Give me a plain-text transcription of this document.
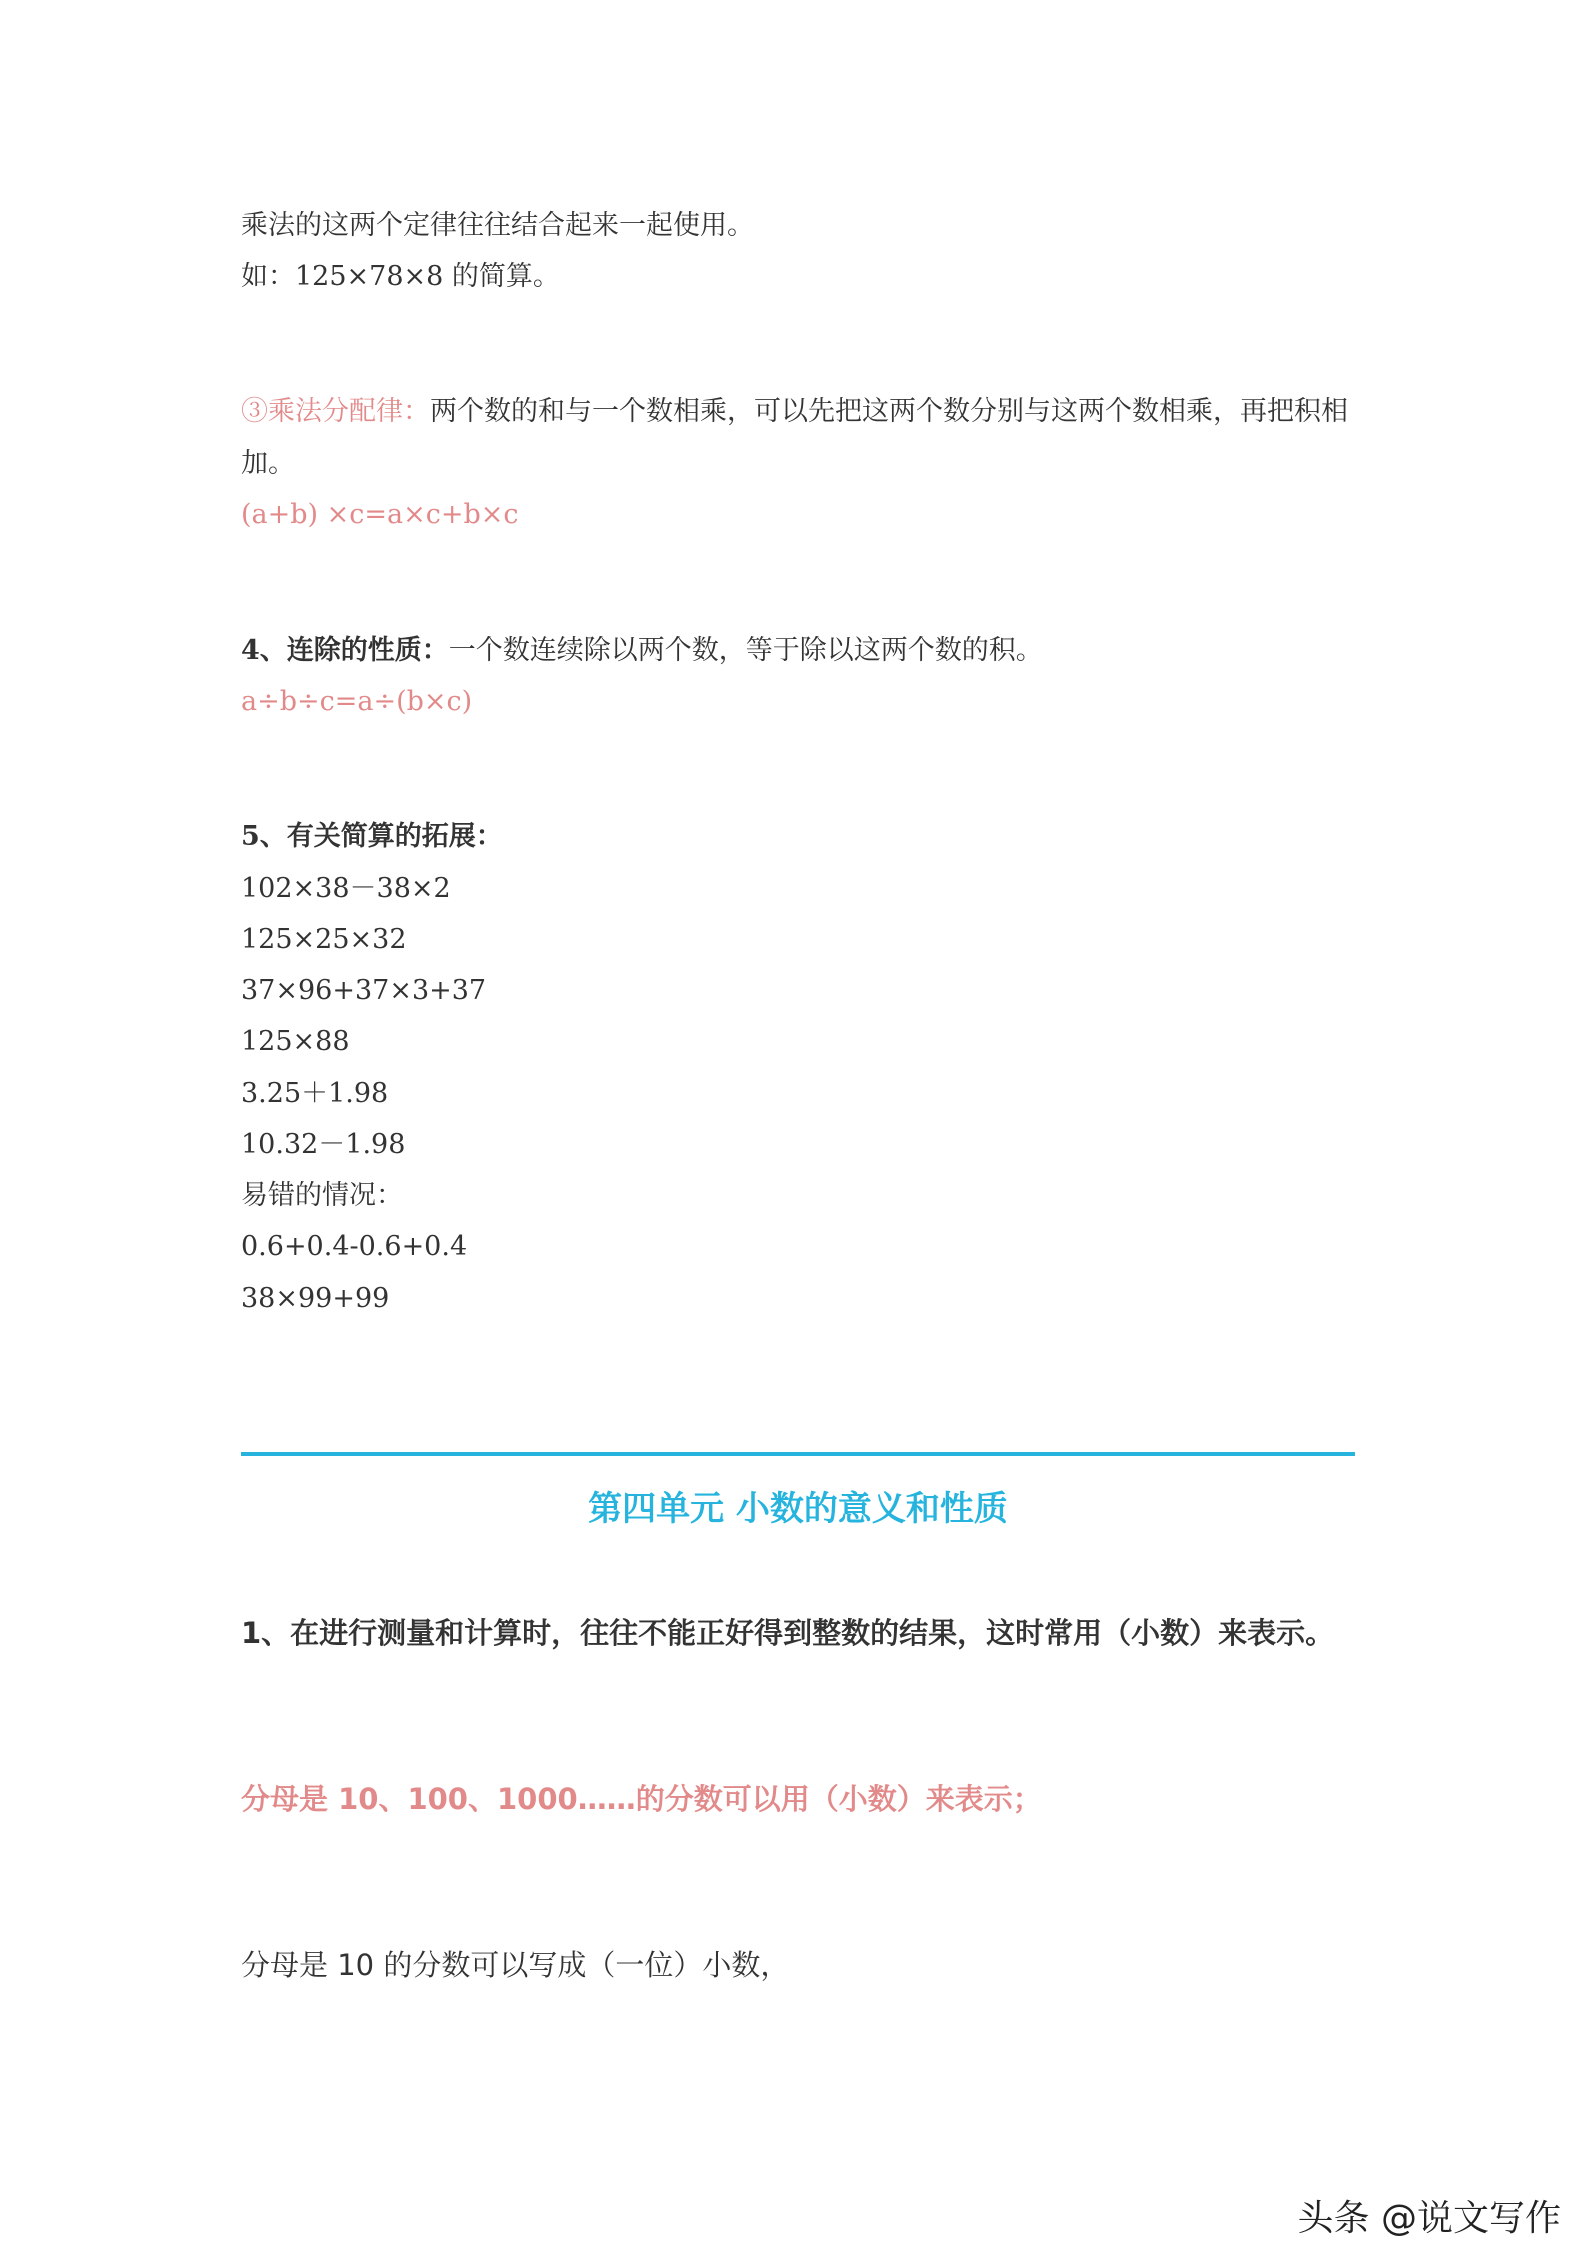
乘法的这两个定律往往结合起来一起使用。

如：125×78×8 的简算。

③乘法分配律：两个数的和与一个数相乘，可以先把这两个数分别与这两个数相乘，再把积相加。

(a+b) ×c=a×c+b×c

4、连除的性质：一个数连续除以两个数，等于除以这两个数的积。

a÷b÷c=a÷(b×c)

5、有关简算的拓展：

102×38－38×2

125×25×32

37×96+37×3+37

125×88

3.25＋1.98

10.32－1.98

易错的情况：

0.6+0.4-0.6+0.4

38×99+99

第四单元 小数的意义和性质

1、在进行测量和计算时，往往不能正好得到整数的结果，这时常用（小数）来表示。

分母是 10、100、1000……的分数可以用（小数）来表示；

分母是 10 的分数可以写成（一位）小数，

头条 @说文写作
